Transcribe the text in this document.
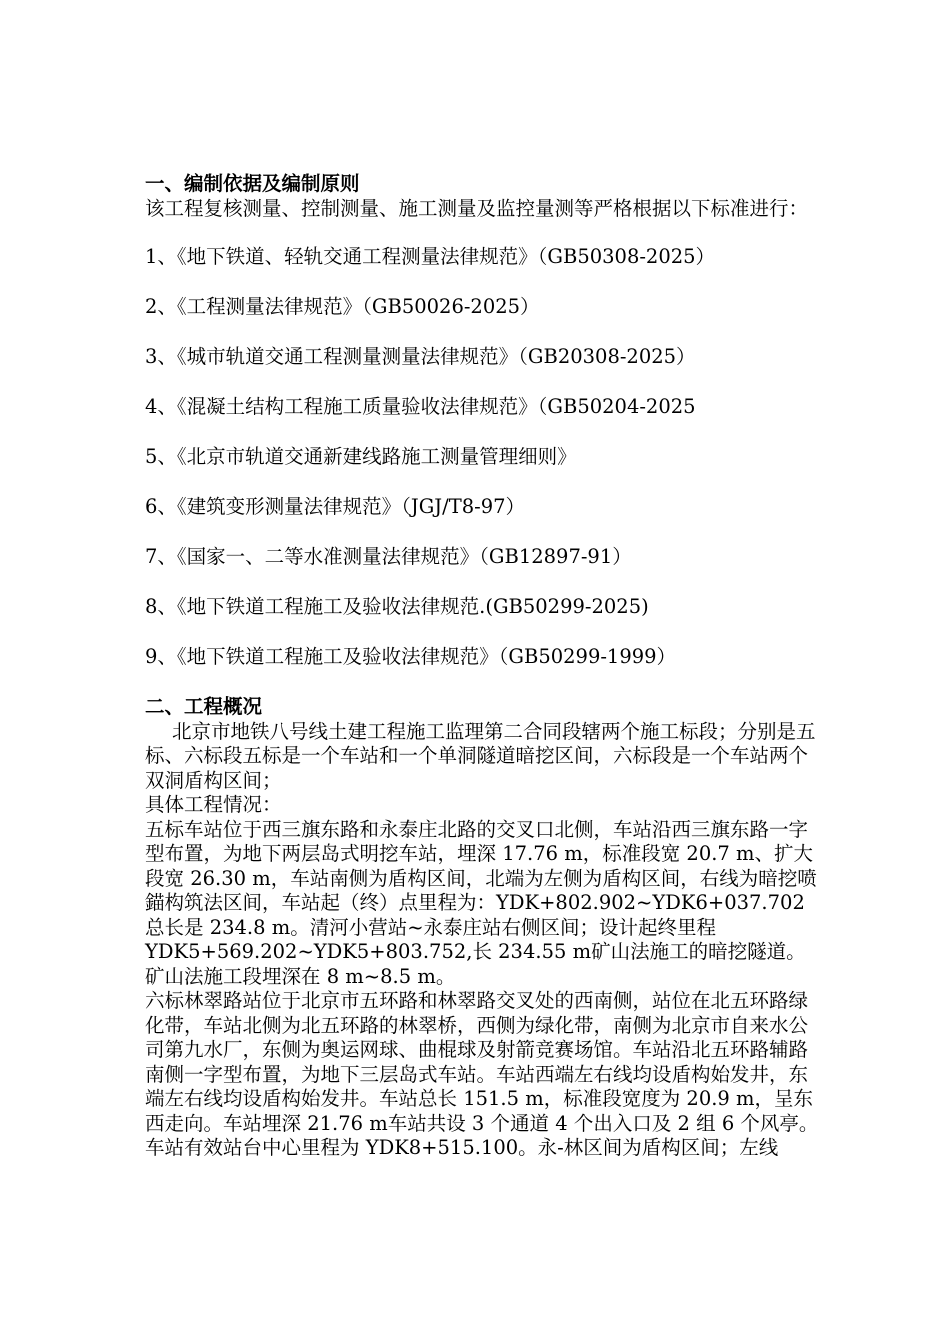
一、编制依据及编制原则

该工程复核测量、控制测量、施工测量及监控量测等严格根据以下标准进行：

1、《地下铁道、轻轨交通工程测量法律规范》（GB50308-2025）
2、《工程测量法律规范》（GB50026-2025）
3、《城市轨道交通工程测量测量法律规范》（GB20308-2025）
4、《混凝土结构工程施工质量验收法律规范》（GB50204-2025
5、《北京市轨道交通新建线路施工测量管理细则》
6、《建筑变形测量法律规范》（JGJ/T8-97）
7、《国家一、二等水准测量法律规范》（GB12897-91）
8、《地下铁道工程施工及验收法律规范.(GB50299-2025)
9、《地下铁道工程施工及验收法律规范》（GB50299-1999）

二、工程概况

北京市地铁八号线土建工程施工监理第二合同段辖两个施工标段；分别是五标、六标段五标是一个车站和一个单洞隧道暗挖区间，六标段是一个车站两个双洞盾构区间；

具体工程情况：

五标车站位于西三旗东路和永泰庄北路的交叉口北侧，车站沿西三旗东路一字型布置，为地下两层岛式明挖车站，埋深 17.76 m，标准段宽 20.7 m、扩大段宽 26.30 m，车站南侧为盾构区间，北端为左侧为盾构区间，右线为暗挖喷錨构筑法区间，车站起（终）点里程为：YDK+802.902~YDK6+037.702 总长是 234.8 m。清河小营站~永泰庄站右侧区间；设计起终里程 YDK5+569.202~YDK5+803.752,长 234.55 m矿山法施工的暗挖隧道。矿山法施工段埋深在 8 m~8.5 m。

六标林翠路站位于北京市五环路和林翠路交叉处的西南侧，站位在北五环路绿化带，车站北侧为北五环路的林翠桥，西侧为绿化带，南侧为北京市自来水公司第九水厂，东侧为奥运网球、曲棍球及射箭竞赛场馆。车站沿北五环路辅路南侧一字型布置，为地下三层岛式车站。车站西端左右线均设盾构始发井，东端左右线均设盾构始发井。车站总长 151.5 m，标准段宽度为 20.9 m，呈东西走向。车站埋深 21.76 m车站共设 3 个通道 4 个出入口及 2 组 6 个风亭。车站有效站台中心里程为 YDK8+515.100。永-林区间为盾构区间；左线
